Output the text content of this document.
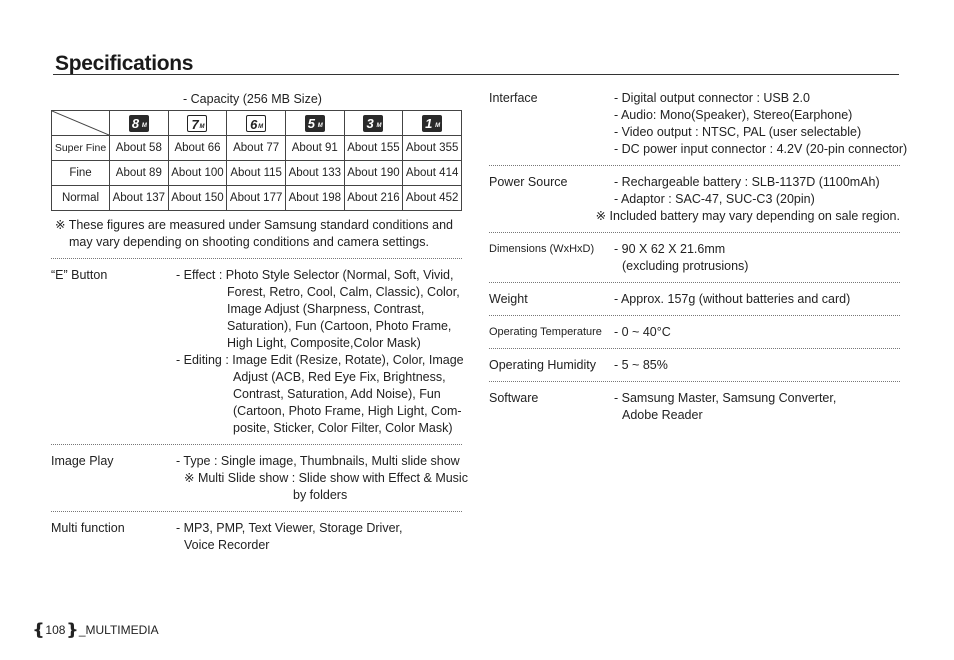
Specifications
- Capacity (256 MB Size)
	8 M	7 M	6 M	5 M	3 M	1 M

Super Fine	About 58	About 66	About 77	About 91	About 155	About 355
Fine	About 89	About 100	About 115	About 133	About 190	About 414
Normal	About 137	About 150	About 177	About 198	About 216	About 452
※ These figures are measured under Samsung standard conditions and
may vary depending on shooting conditions and camera settings.
“E” Button	- Effect : Photo Style Selector (Normal, Soft, Vivid,
Forest, Retro, Cool, Calm, Classic), Color,
Image Adjust (Sharpness, Contrast,
Saturation), Fun (Cartoon, Photo Frame,
High Light, Composite,Color Mask)
- Editing : Image Edit (Resize, Rotate), Color, Image
Adjust (ACB, Red Eye Fix, Brightness,
Contrast, Saturation, Add Noise), Fun
(Cartoon, Photo Frame, High Light, Com-
posite, Sticker, Color Filter, Color Mask)
Image Play	- Type : Single image, Thumbnails, Multi slide show
※ Multi Slide show : Slide show with Effect & Music
by folders
Multi function	- MP3, PMP, Text Viewer, Storage Driver,
Voice Recorder
Interface	- Digital output connector : USB 2.0
- Audio: Mono(Speaker), Stereo(Earphone)
- Video output : NTSC, PAL (user selectable)
- DC power input connector : 4.2V (20-pin connector)
Power Source	- Rechargeable battery : SLB-1137D (1100mAh)
- Adaptor : SAC-47, SUC-C3 (20pin)
※ Included battery may vary depending on sale region.
Dimensions (WxHxD)	- 90 X 62 X 21.6mm
(excluding protrusions)
Weight	- Approx. 157g (without batteries and card)
Operating Temperature - 0 ~ 40°C
Operating Humidity	- 5 ~ 85%
Software	- Samsung Master, Samsung Converter,
Adobe Reader
❴108❵_MULTIMEDIA
